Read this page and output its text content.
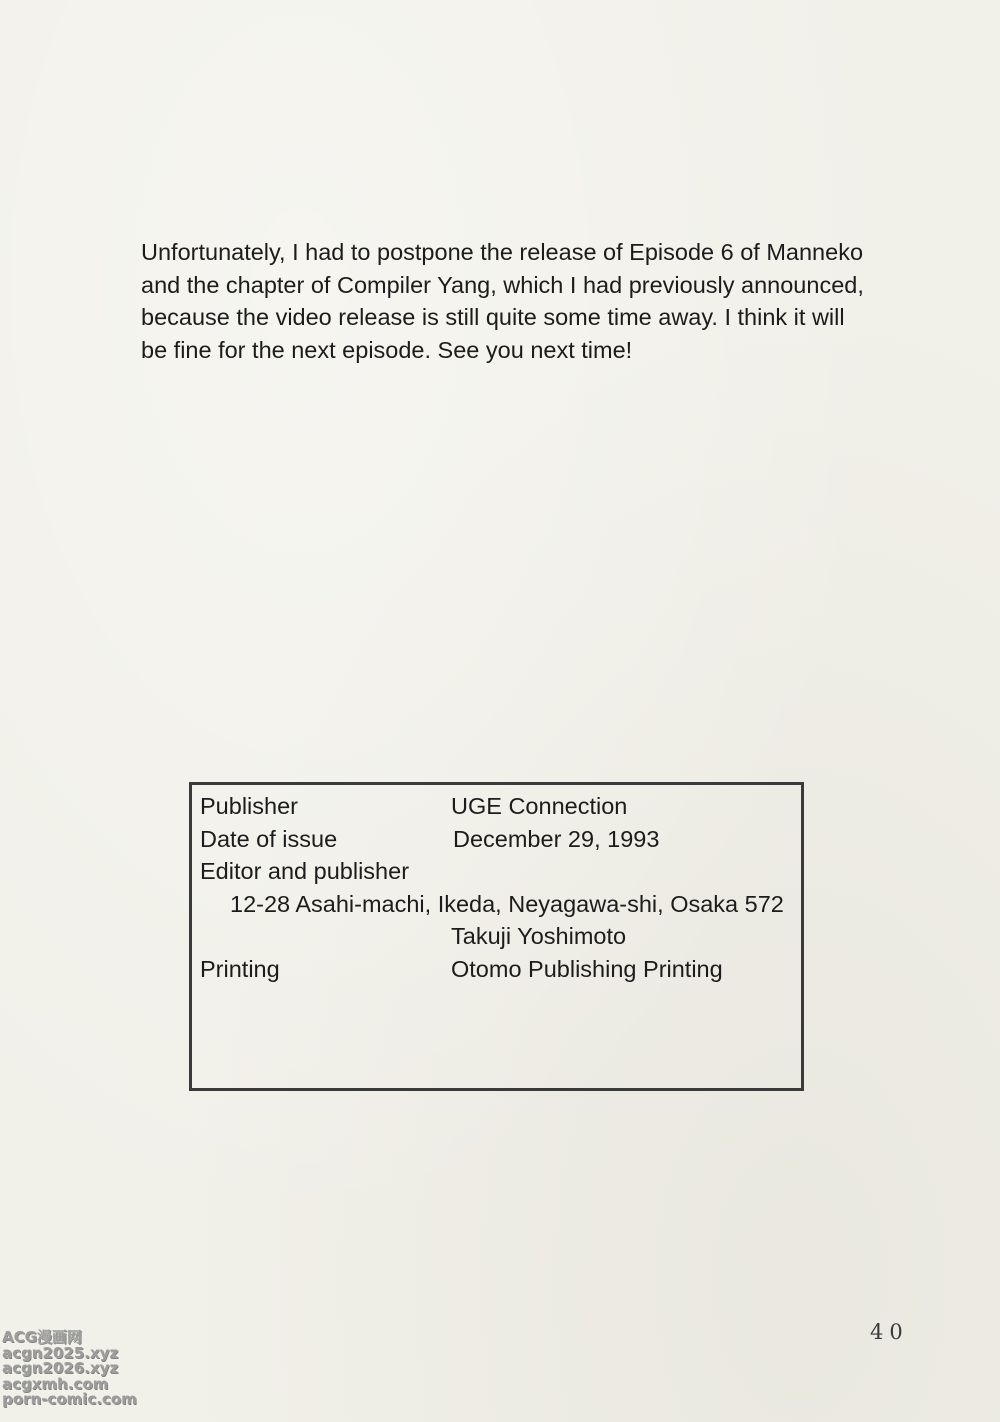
Unfortunately, I had to postpone the release of Episode 6 of Manneko
and the chapter of Compiler Yang, which I had previously announced,
because the video release is still quite some time away. I think it will
be fine for the next episode. See you next time!

Publisher	UGE Connection
Date of issue	December 29, 1993
Editor and publisher
12-28 Asahi-machi, Ikeda, Neyagawa-shi, Osaka 572
Takuji Yoshimoto
Printing	Otomo Publishing Printing
40
ACG漫画网
acgn2025.xyz
acgn2026.xyz
acgxmh.com
porn-comic.com
